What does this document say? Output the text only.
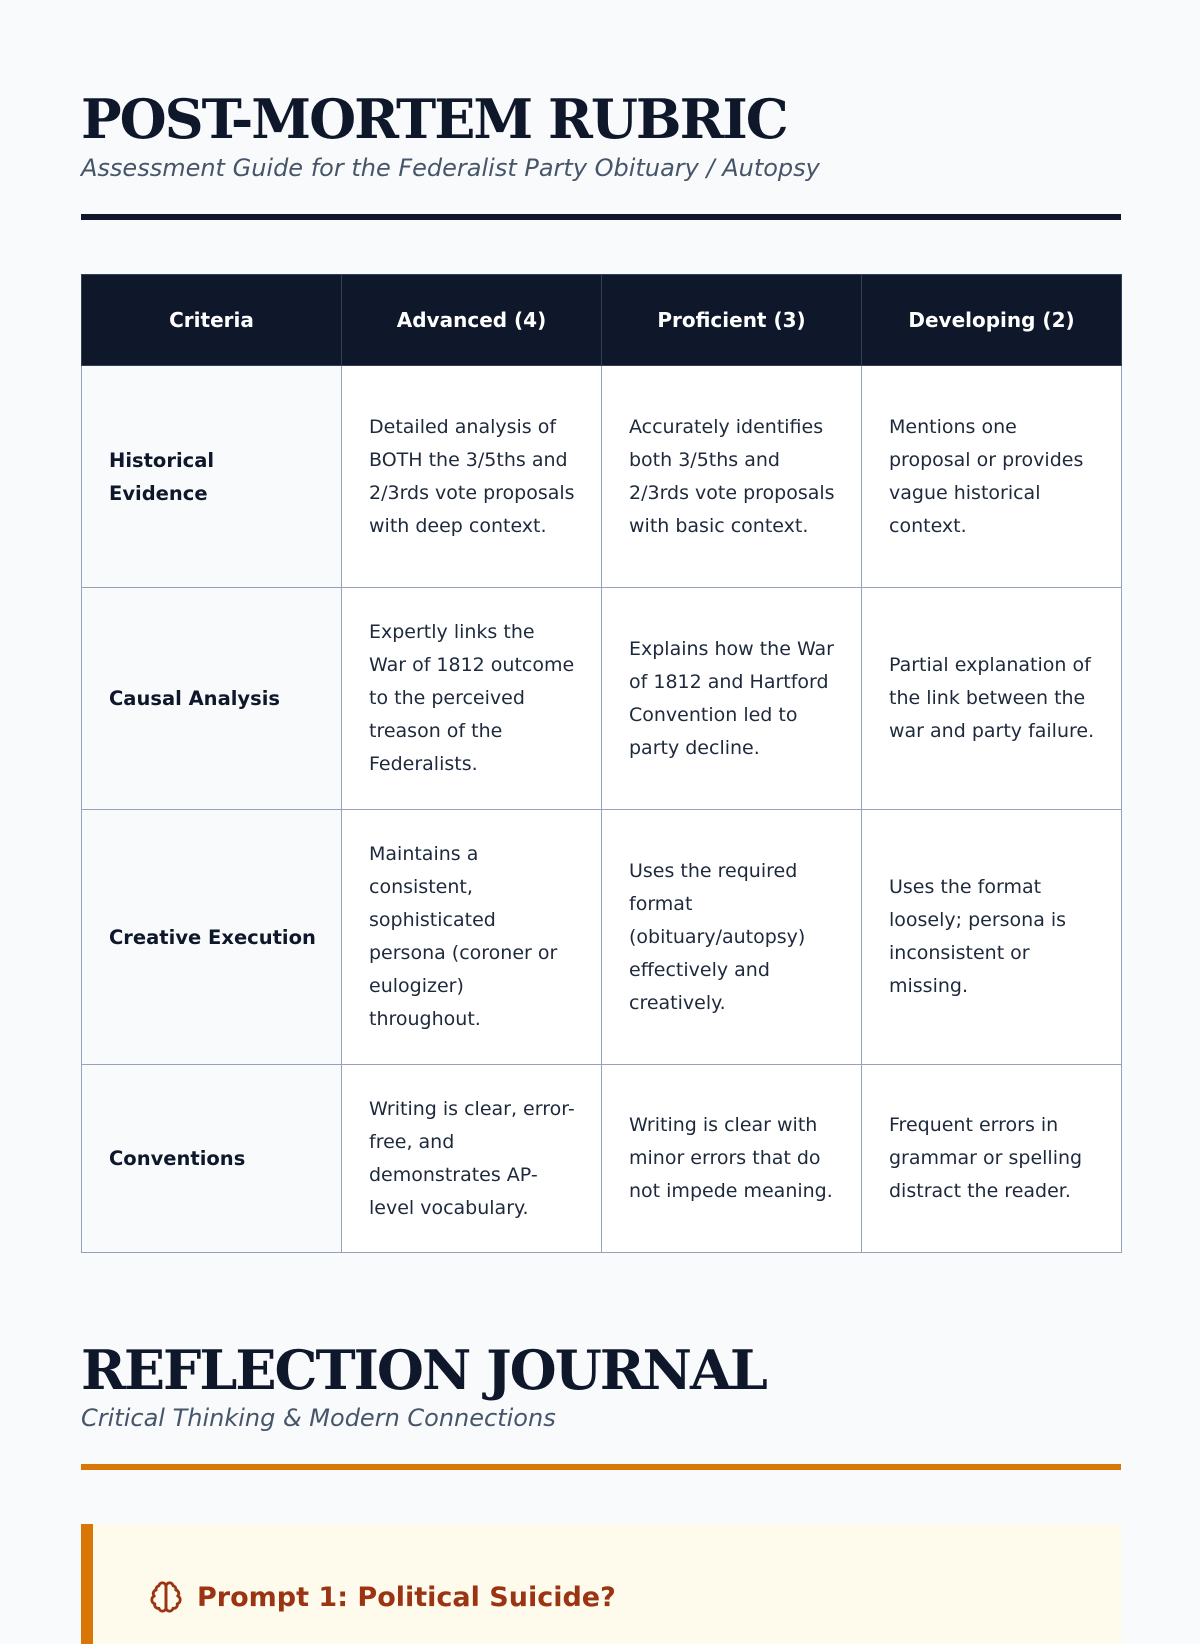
POST-MORTEM RUBRIC

Assessment Guide for the Federalist Party Obituary / Autopsy

Criteria	Advanced (4)	Proficient (3)	Developing (2)
Historical Evidence	Detailed analysis of BOTH the 3/5ths and 2/3rds vote proposals with deep context.	Accurately identifies both 3/5ths and 2/3rds vote proposals with basic context.	Mentions one proposal or provides vague historical context.
Causal Analysis	Expertly links the War of 1812 outcome to the perceived treason of the Federalists.	Explains how the War of 1812 and Hartford Convention led to party decline.	Partial explanation of the link between the war and party failure.
Creative Execution	Maintains a consistent, sophisticated persona (coroner or eulogizer) throughout.	Uses the required format (obituary/autopsy) effectively and creatively.	Uses the format loosely; persona is inconsistent or missing.
Conventions	Writing is clear, error-free, and demonstrates AP-level vocabulary.	Writing is clear with minor errors that do not impede meaning.	Frequent errors in grammar or spelling distract the reader.
REFLECTION JOURNAL

Critical Thinking & Modern Connections

Prompt 1: Political Suicide?
